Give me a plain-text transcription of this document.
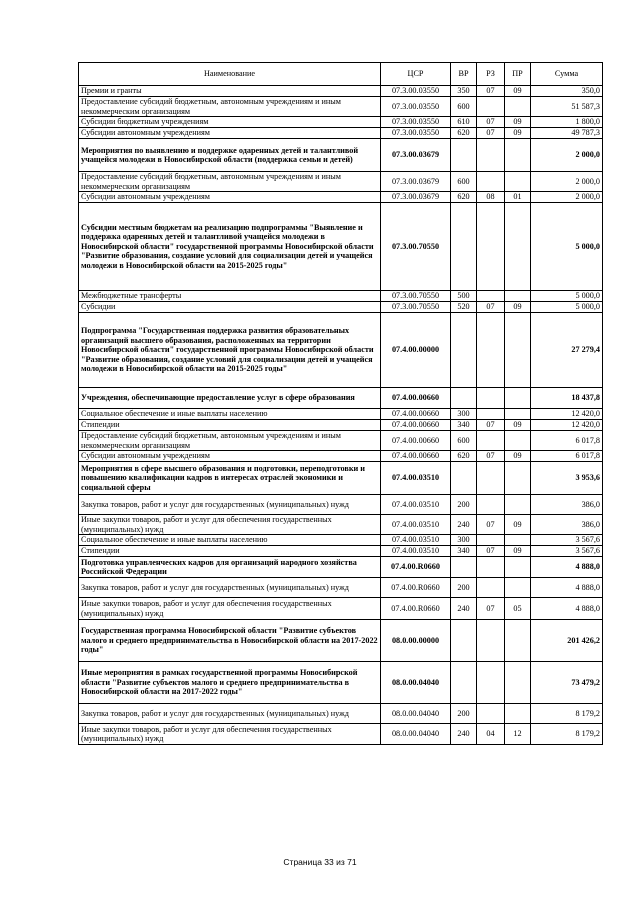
Наименование	ЦСР	ВР	РЗ	ПР	Сумма
Премии и гранты	07.3.00.03550	350	07	09	350,0
Предоставление субсидий бюджетным, автономным учреждениям и иным некоммерческим организациям	07.3.00.03550	600			51 587,3
Субсидии бюджетным учреждениям	07.3.00.03550	610	07	09	1 800,0
Субсидии автономным учреждениям	07.3.00.03550	620	07	09	49 787,3
Мероприятия по выявлению и поддержке одаренных детей и талантливой учащейся молодежи в Новосибирской области (поддержка семьи и детей)	07.3.00.03679				2 000,0
Предоставление субсидий бюджетным, автономным учреждениям и иным некоммерческим организациям	07.3.00.03679	600			2 000,0
Субсидии автономным учреждениям	07.3.00.03679	620	08	01	2 000,0
Субсидии местным бюджетам на реализацию подпрограммы "Выявление и поддержка одаренных детей и талантливой учащейся молодежи в Новосибирской области" государственной программы Новосибирской области "Развитие образования, создание условий для социализации детей и учащейся молодежи в Новосибирской области на 2015-2025 годы"	07.3.00.70550				5 000,0
Межбюджетные трансферты	07.3.00.70550	500			5 000,0
Субсидии	07.3.00.70550	520	07	09	5 000,0
Подпрограмма "Государственная поддержка развития образовательных организаций высшего образования, расположенных на территории Новосибирской области" государственной программы Новосибирской области "Развитие образования, создание условий для социализации детей и учащейся молодежи в Новосибирской области на 2015-2025 годы"	07.4.00.00000				27 279,4
Учреждения, обеспечивающие предоставление услуг в сфере образования	07.4.00.00660				18 437,8
Социальное обеспечение и иные выплаты населению	07.4.00.00660	300			12 420,0
Стипендии	07.4.00.00660	340	07	09	12 420,0
Предоставление субсидий бюджетным, автономным учреждениям и иным некоммерческим организациям	07.4.00.00660	600			6 017,8
Субсидии автономным учреждениям	07.4.00.00660	620	07	09	6 017,8
Мероприятия в сфере высшего образования и подготовки, переподготовки и повышению квалификации кадров в интересах отраслей экономики и социальной сферы	07.4.00.03510				3 953,6
Закупка товаров, работ и услуг для государственных (муниципальных) нужд	07.4.00.03510	200			386,0
Иные закупки товаров, работ и услуг для обеспечения государственных (муниципальных) нужд	07.4.00.03510	240	07	09	386,0
Социальное обеспечение и иные выплаты населению	07.4.00.03510	300			3 567,6
Стипендии	07.4.00.03510	340	07	09	3 567,6
Подготовка управленческих кадров для организаций народного хозяйства Российской Федерации	07.4.00.R0660				4 888,0
Закупка товаров, работ и услуг для государственных (муниципальных) нужд	07.4.00.R0660	200			4 888,0
Иные закупки товаров, работ и услуг для обеспечения государственных (муниципальных) нужд	07.4.00.R0660	240	07	05	4 888,0
Государственная программа Новосибирской области "Развитие субъектов малого и среднего предпринимательства в Новосибирской области на 2017-2022 годы"	08.0.00.00000				201 426,2
Иные мероприятия в рамках государственной программы Новосибирской области "Развитие субъектов малого и среднего предпринимательства в Новосибирской области на 2017-2022 годы"	08.0.00.04040				73 479,2
Закупка товаров, работ и услуг для государственных (муниципальных) нужд	08.0.00.04040	200			8 179,2
Иные закупки товаров, работ и услуг для обеспечения государственных (муниципальных) нужд	08.0.00.04040	240	04	12	8 179,2
Страница 33 из 71
